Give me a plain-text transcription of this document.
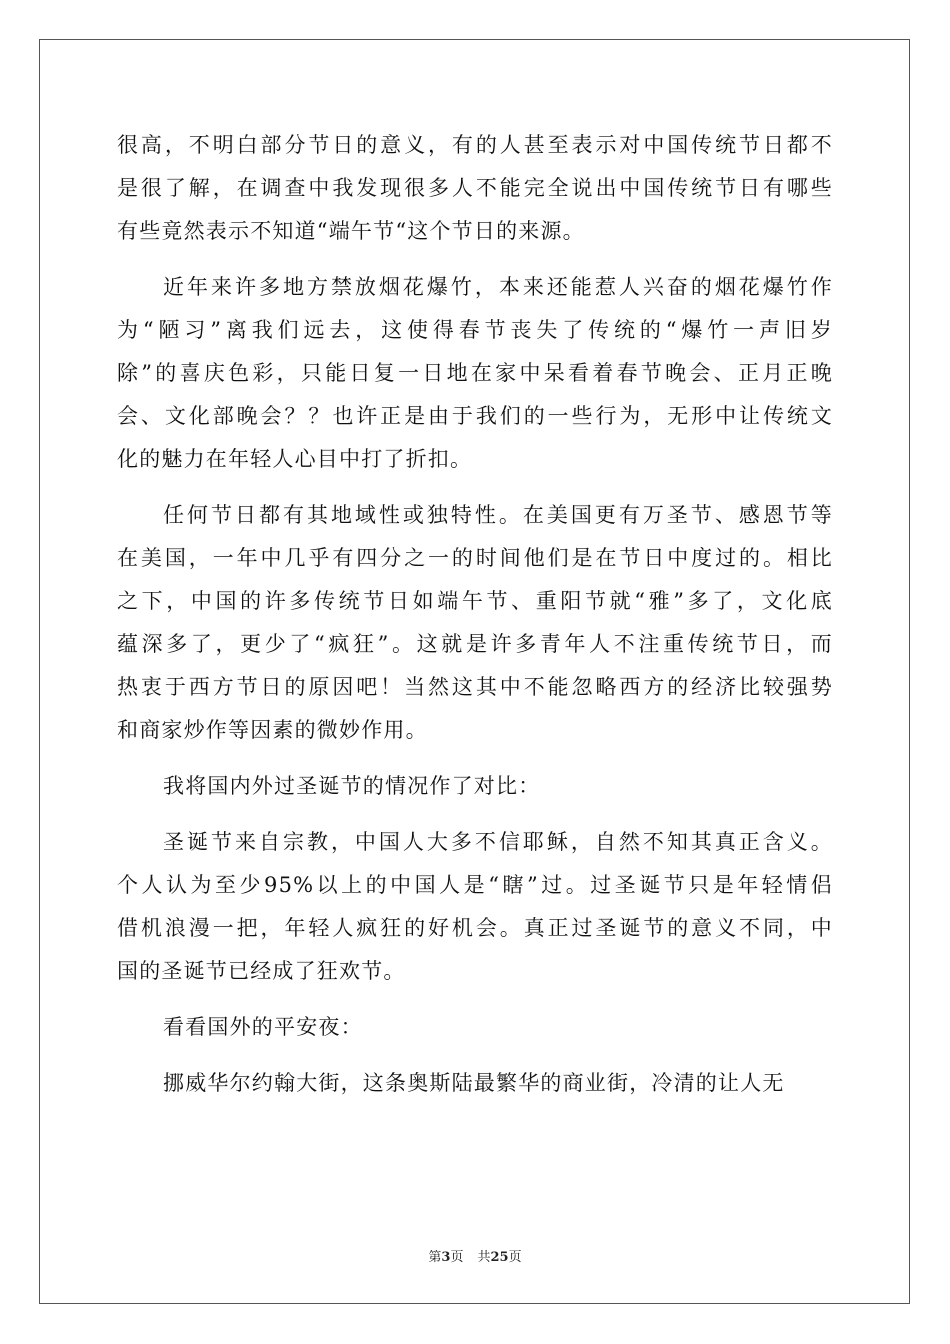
很高，不明白部分节日的意义，有的人甚至表示对中国传统节日都不
是很了解，在调查中我发现很多人不能完全说出中国传统节日有哪些
有些竟然表示不知道“端午节“这个节日的来源。
近年来许多地方禁放烟花爆竹，本来还能惹人兴奋的烟花爆竹作
为“陋习”离我们远去，这使得春节丧失了传统的“爆竹一声旧岁
除”的喜庆色彩，只能日复一日地在家中呆看着春节晚会、正月正晚
会、文化部晚会？？也许正是由于我们的一些行为，无形中让传统文
化的魅力在年轻人心目中打了折扣。
任何节日都有其地域性或独特性。在美国更有万圣节、感恩节等
在美国，一年中几乎有四分之一的时间他们是在节日中度过的。相比
之下，中国的许多传统节日如端午节、重阳节就“雅”多了，文化底
蕴深多了，更少了“疯狂”。这就是许多青年人不注重传统节日，而
热衷于西方节日的原因吧！当然这其中不能忽略西方的经济比较强势
和商家炒作等因素的微妙作用。
我将国内外过圣诞节的情况作了对比：
圣诞节来自宗教，中国人大多不信耶稣，自然不知其真正含义。
个人认为至少95%以上的中国人是“瞎”过。过圣诞节只是年轻情侣
借机浪漫一把，年轻人疯狂的好机会。真正过圣诞节的意义不同，中
国的圣诞节已经成了狂欢节。
看看国外的平安夜：
挪威华尔约翰大街，这条奥斯陆最繁华的商业街，冷清的让人无
第3页 共25页
